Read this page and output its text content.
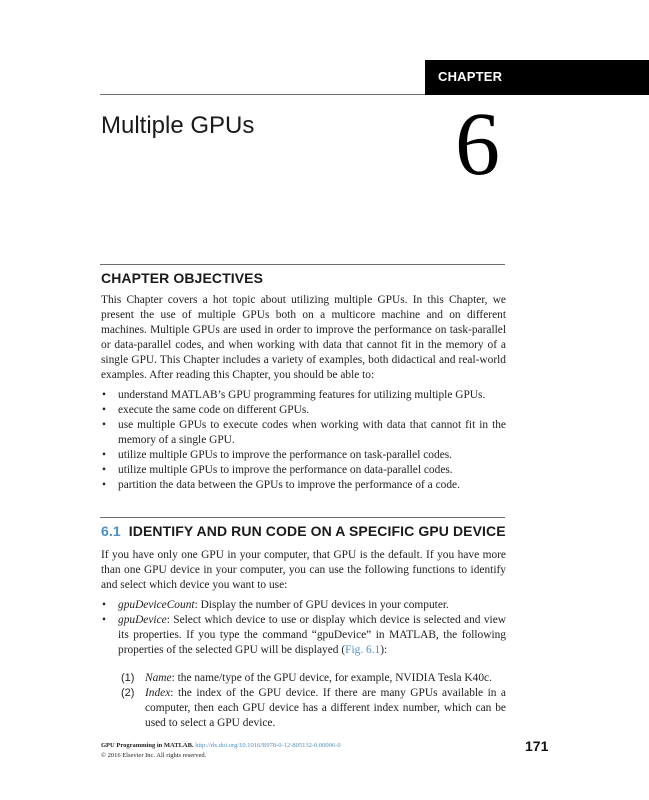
CHAPTER
Multiple GPUs 6
CHAPTER OBJECTIVES

This Chapter covers a hot topic about utilizing multiple GPUs. In this Chapter, we present the use of multiple GPUs both on a multicore machine and on different machines. Multiple GPUs are used in order to improve the performance on task-parallel or data-parallel codes, and when working with data that cannot fit in the memory of a single GPU. This Chapter includes a variety of examples, both didactical and real-world examples. After reading this Chapter, you should be able to:

• understand MATLAB’s GPU programming features for utilizing multiple GPUs.
• execute the same code on different GPUs.
• use multiple GPUs to execute codes when working with data that cannot fit in the memory of a single GPU.
• utilize multiple GPUs to improve the performance on task-parallel codes.
• utilize multiple GPUs to improve the performance on data-parallel codes.
• partition the data between the GPUs to improve the performance of a code.
6.1 IDENTIFY AND RUN CODE ON A SPECIFIC GPU DEVICE

If you have only one GPU in your computer, that GPU is the default. If you have more than one GPU device in your computer, you can use the following functions to identify and select which device you want to use:

• gpuDeviceCount: Display the number of GPU devices in your computer.
• gpuDevice: Select which device to use or display which device is selected and view its properties. If you type the command “gpuDevice” in MATLAB, the following properties of the selected GPU will be displayed (Fig. 6.1):
(1) Name: the name/type of the GPU device, for example, NVIDIA Tesla K40c.
(2) Index: the index of the GPU device. If there are many GPUs available in a computer, then each GPU device has a different index number, which can be used to select a GPU device.
GPU Programming in MATLAB. http://dx.doi.org/10.1016/B978-0-12-805132-0.00006-0
© 2016 Elsevier Inc. All rights reserved.
171
